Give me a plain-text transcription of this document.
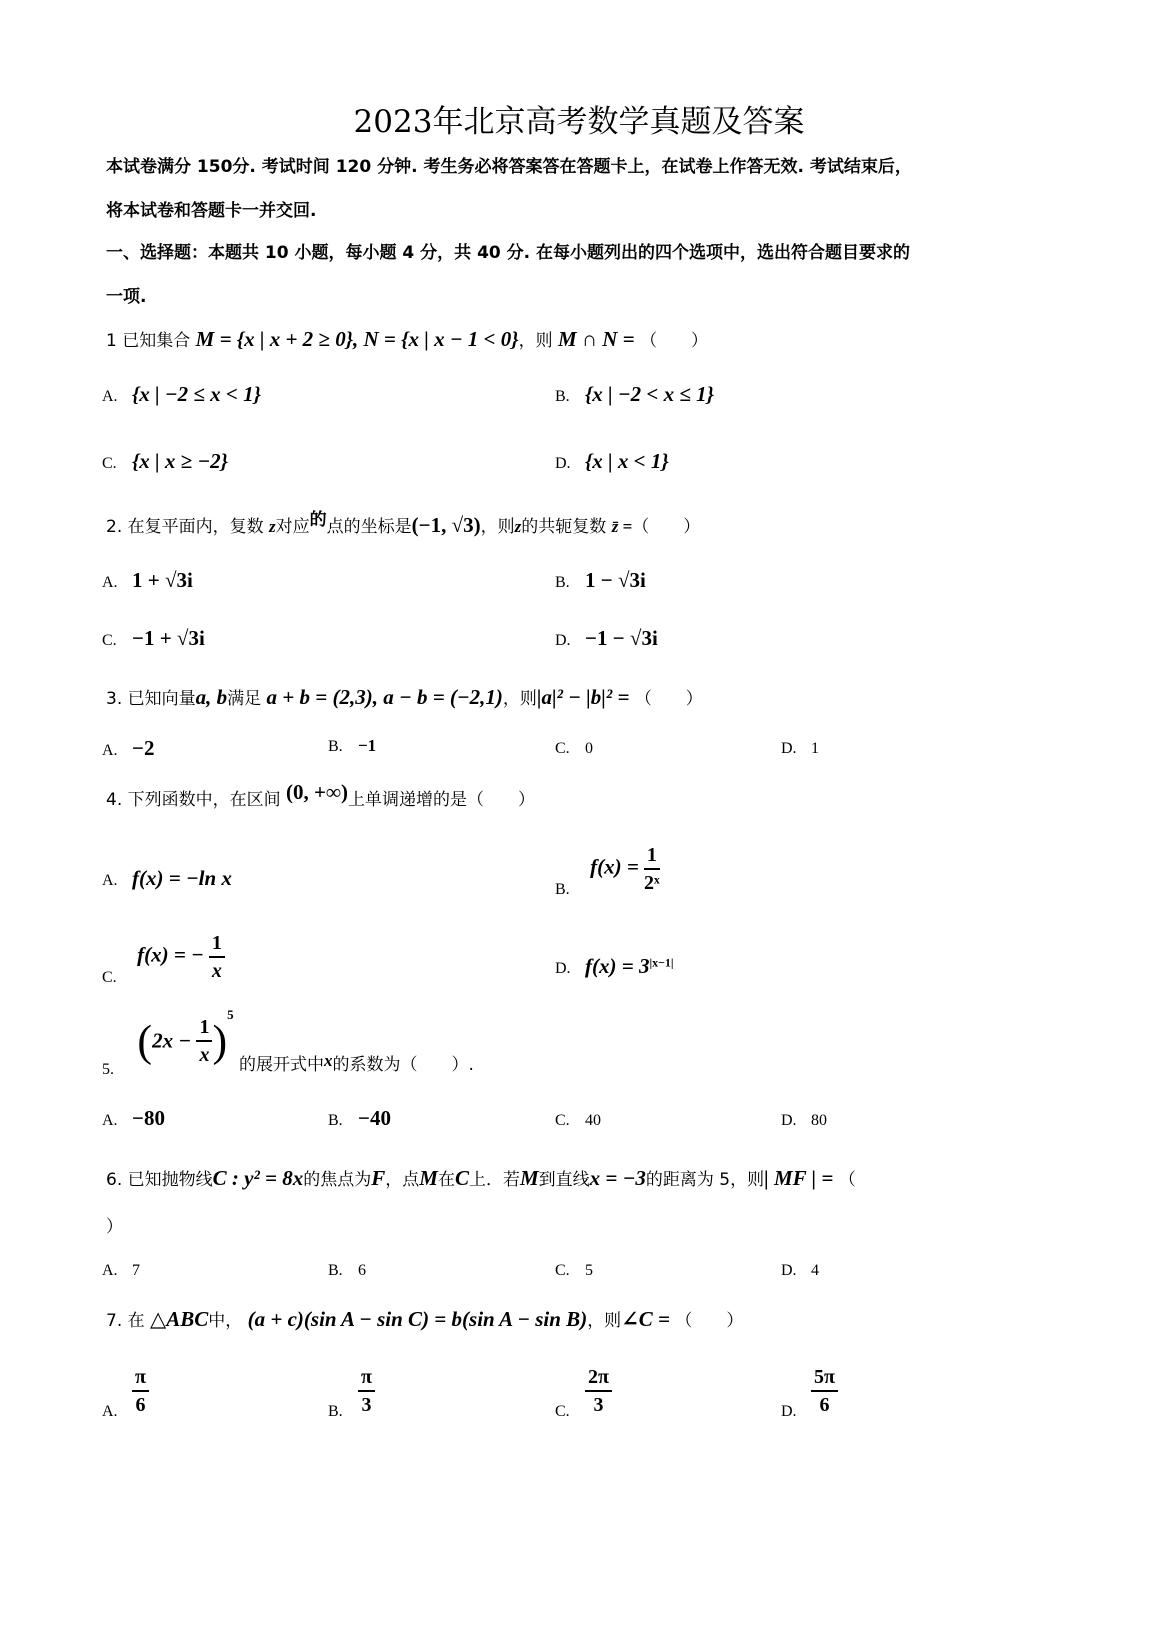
2023年北京高考数学真题及答案
本试卷满分 150分. 考试时间 120 分钟. 考生务必将答案答在答题卡上，在试卷上作答无效. 考试结束后，
将本试卷和答题卡一并交回.
一、选择题：本题共 10 小题，每小题 4 分，共 40 分. 在每小题列出的四个选项中，选出符合题目要求的
一项.
1 已知集合 M = {x | x + 2 ≥ 0}, N = {x | x − 1 < 0}，则 M ∩ N = （　　）
A. {x | −2 ≤ x < 1}	B. {x | −2 < x ≤ 1}
C. {x | x ≥ −2}	D. {x | x < 1}
2. 在复平面内，复数 z对应的点的坐标是(−1, √3)，则z的共轭复数 z̄ =（　　）
A. 1 + √3i	B. 1 − √3i
C. −1 + √3i	D. −1 − √3i
3. 已知向量a, b满足 a + b = (2,3), a − b = (−2,1)，则|a|² − |b|² = （　　）
A. −2	B. −1	C. 0	D. 1
4. 下列函数中，在区间 (0, +∞)上单调递增的是（　　）
A. f(x) = −ln x	B. $f(x) = \frac{1}{\text{2ˣ}}$
C. f(x) = − $\frac{1}{x}$	D. $f(x) = 3^{|x-1|}$
5. $(2x - \frac{1}{x} )^5$ 的展开式中x的系数为（　　）.
A. −80	B. −40	C. 40	D. 80
6. 已知抛物线C : y² = 8x的焦点为F，点M在C上．若M到直线x = −3的距离为 5，则| MF | = （
）
A. 7	B. 6	C. 5	D. 4
7. 在 △ABC中， (a + c)(sin A − sin C) = b(sin A − sin B)，则∠C = （　　）
A. $\frac{\pi}{6}$	B. $\frac{\pi}{3}$	C. $\frac{2\pi}{3}$	D. $\frac{5\pi}{6}$
